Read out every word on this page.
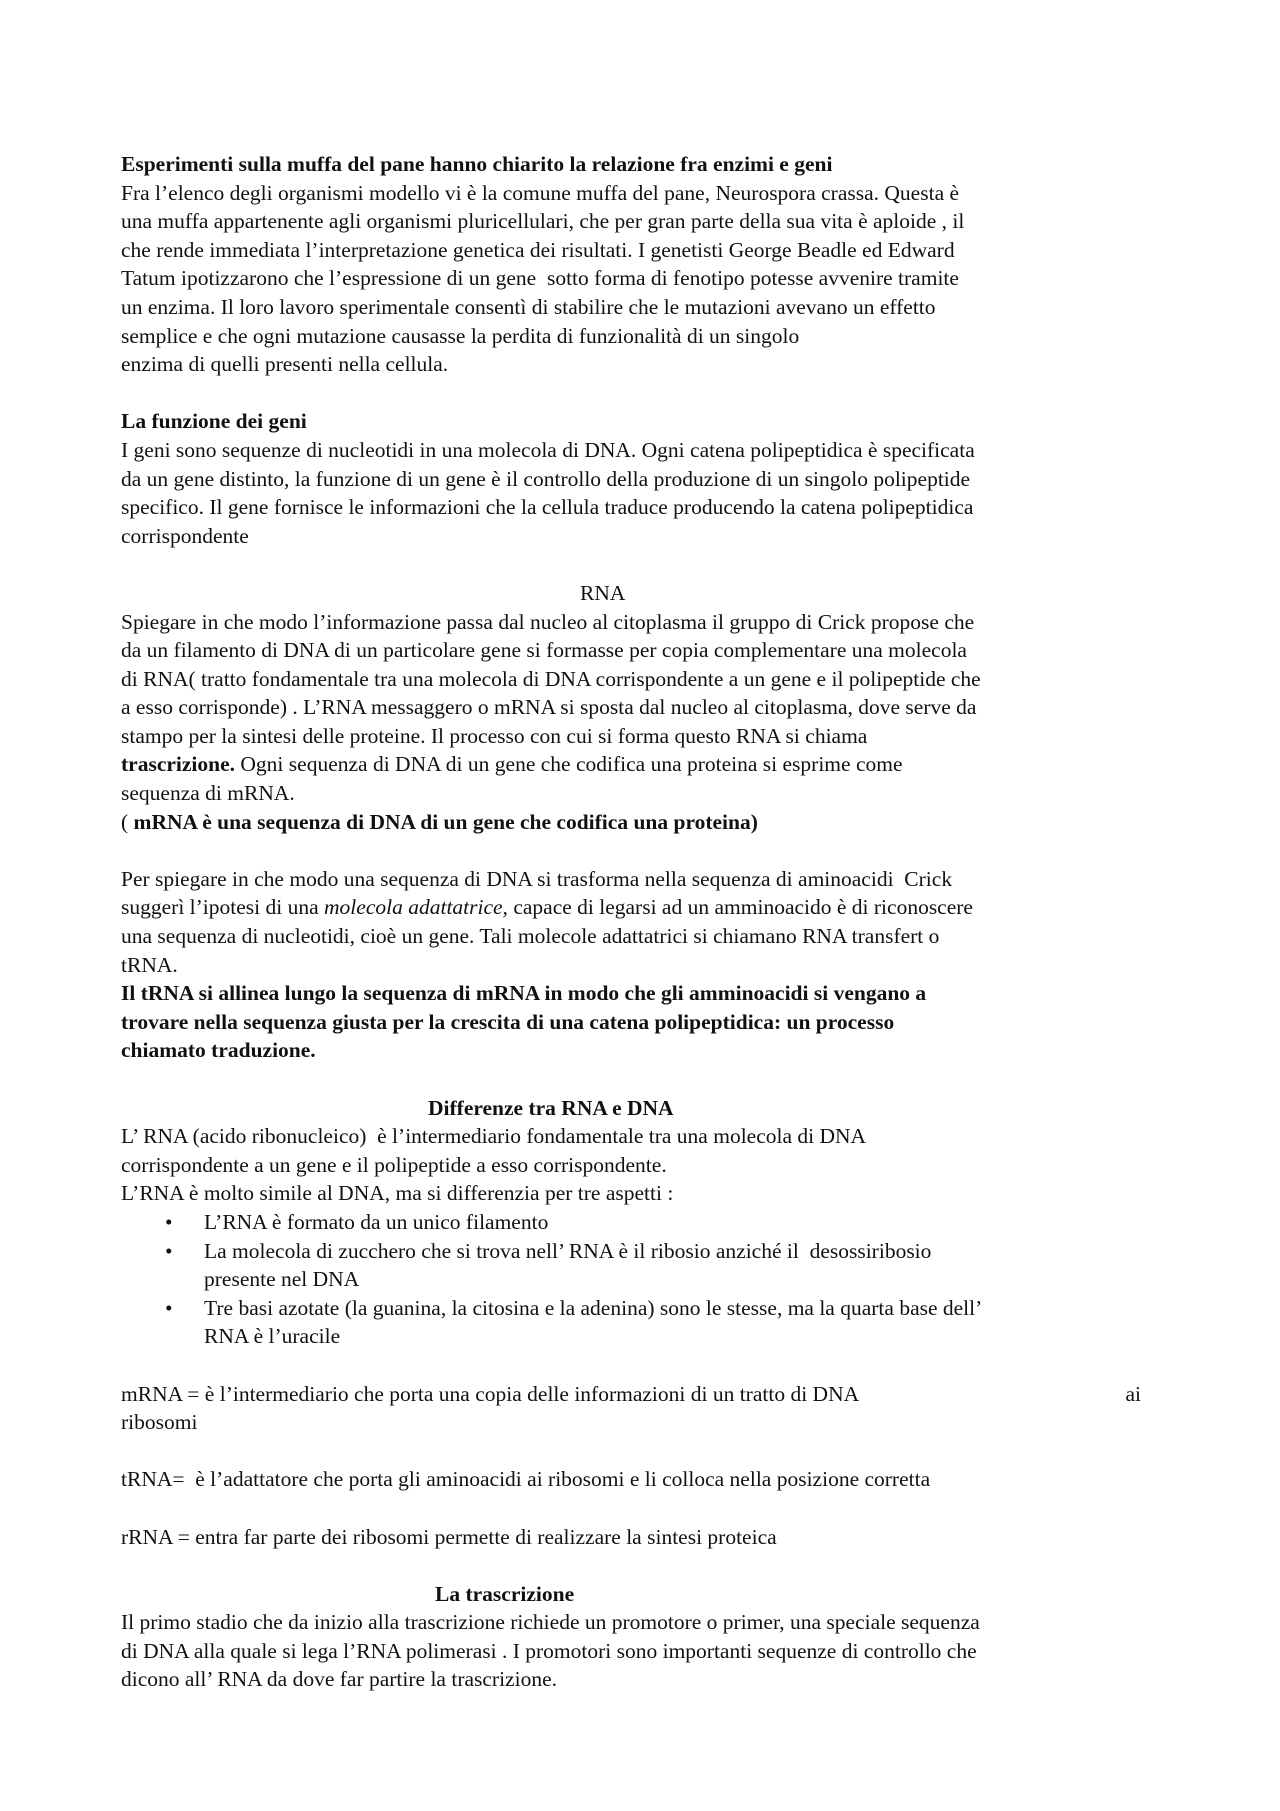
Esperimenti sulla muffa del pane hanno chiarito la relazione fra enzimi e geni
Fra l’elenco degli organismi modello vi è la comune muffa del pane, Neurospora crassa. Questa è
una muffa appartenente agli organismi pluricellulari, che per gran parte della sua vita è aploide , il
che rende immediata l’interpretazione genetica dei risultati. I genetisti George Beadle ed Edward
Tatum ipotizzarono che l’espressione di un gene  sotto forma di fenotipo potesse avvenire tramite
un enzima. Il loro lavoro sperimentale consentì di stabilire che le mutazioni avevano un effetto
semplice e che ogni mutazione causasse la perdita di funzionalità di un singolo
enzima di quelli presenti nella cellula.
La funzione dei geni
I geni sono sequenze di nucleotidi in una molecola di DNA. Ogni catena polipeptidica è specificata
da un gene distinto, la funzione di un gene è il controllo della produzione di un singolo polipeptide
specifico. Il gene fornisce le informazioni che la cellula traduce producendo la catena polipeptidica
corrispondente
RNA
Spiegare in che modo l’informazione passa dal nucleo al citoplasma il gruppo di Crick propose che
da un filamento di DNA di un particolare gene si formasse per copia complementare una molecola
di RNA( tratto fondamentale tra una molecola di DNA corrispondente a un gene e il polipeptide che
a esso corrisponde) . L’RNA messaggero o mRNA si sposta dal nucleo al citoplasma, dove serve da
stampo per la sintesi delle proteine. Il processo con cui si forma questo RNA si chiama
trascrizione. Ogni sequenza di DNA di un gene che codifica una proteina si esprime come
sequenza di mRNA.
( mRNA è una sequenza di DNA di un gene che codifica una proteina)
Per spiegare in che modo una sequenza di DNA si trasforma nella sequenza di aminoacidi  Crick
suggerì l’ipotesi di una molecola adattatrice, capace di legarsi ad un amminoacido è di riconoscere
una sequenza di nucleotidi, cioè un gene. Tali molecole adattatrici si chiamano RNA transfert o
tRNA.
Il tRNA si allinea lungo la sequenza di mRNA in modo che gli amminoacidi si vengano a
trovare nella sequenza giusta per la crescita di una catena polipeptidica: un processo
chiamato traduzione.
Differenze tra RNA e DNA
L’ RNA (acido ribonucleico)  è l’intermediario fondamentale tra una molecola di DNA
corrispondente a un gene e il polipeptide a esso corrispondente.
L’RNA è molto simile al DNA, ma si differenzia per tre aspetti :
• L’RNA è formato da un unico filamento
• La molecola di zucchero che si trova nell’ RNA è il ribosio anziché il  desossiribosio
presente nel DNA
• Tre basi azotate (la guanina, la citosina e la adenina) sono le stesse, ma la quarta base dell’
RNA è l’uracile
mRNA = è l’intermediario che porta una copia delle informazioni di un tratto di DNA	ai
ribosomi
tRNA=  è l’adattatore che porta gli aminoacidi ai ribosomi e li colloca nella posizione corretta
rRNA = entra far parte dei ribosomi permette di realizzare la sintesi proteica
La trascrizione
Il primo stadio che da inizio alla trascrizione richiede un promotore o primer, una speciale sequenza
di DNA alla quale si lega l’RNA polimerasi . I promotori sono importanti sequenze di controllo che
dicono all’ RNA da dove far partire la trascrizione.
